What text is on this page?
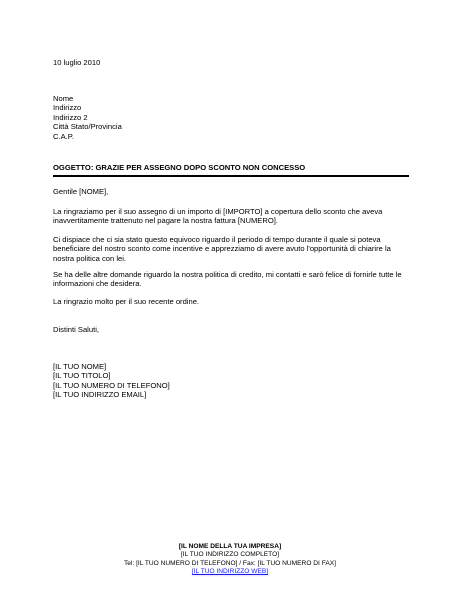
10 luglio 2010
Nome
Indirizzo
Indirizzo 2
Città Stato/Provincia
C.A.P.
OGGETTO: GRAZIE PER ASSEGNO DOPO SCONTO NON CONCESSO
Gentile [NOME],
La ringraziamo per il suo assegno di un importo di [IMPORTO] a copertura dello sconto che aveva
inavvertitamente trattenuto nel pagare la nostra fattura [NUMERO].
Ci dispiace che ci sia stato questo equivoco riguardo il periodo di tempo durante il quale si poteva
beneficiare del nostro sconto come incentive e apprezziamo di avere avuto l'opportunità di chiarire la
nostra politica con lei.
Se ha delle altre domande riguardo la nostra politica di credito, mi contatti e sarò felice di fornirle tutte le
informazioni che desidera.
La ringrazio molto per il suo recente ordine.
Distinti Saluti,
[IL TUO NOME]
[IL TUO TITOLO]
[IL TUO NUMERO DI TELEFONO]
[IL TUO INDIRIZZO EMAIL]
[IL NOME DELLA TUA IMPRESA]
[IL TUO INDIRIZZO COMPLETO]
Tel: [IL TUO NUMERO DI TELEFONO] / Fax: [IL TUO NUMERO DI FAX]
[IL TUO INDIRIZZO WEB]
